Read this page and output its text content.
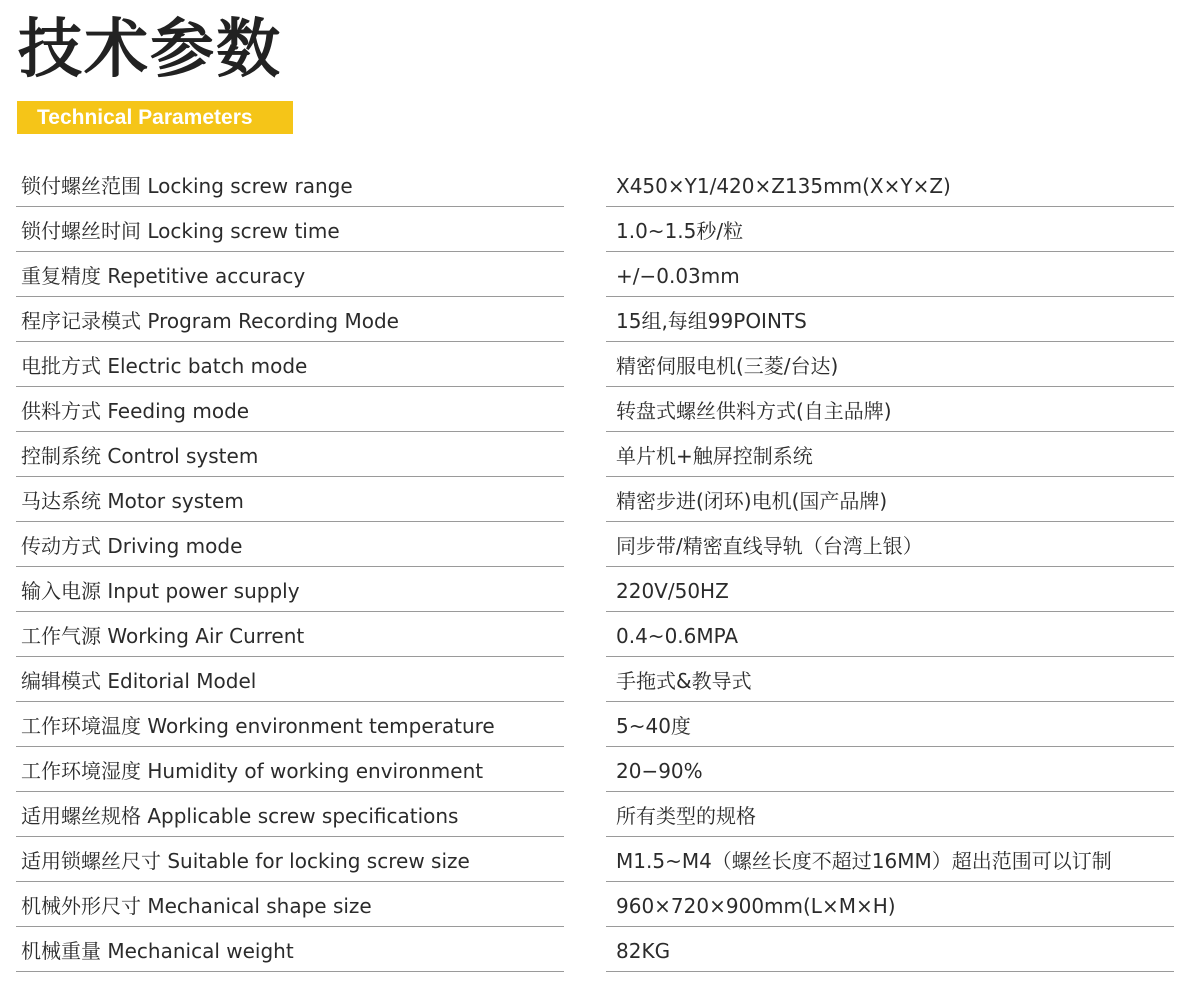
技术参数
Technical Parameters
锁付螺丝范围 Locking screw range	X450×Y1/420×Z135mm(X×Y×Z)
锁付螺丝时间 Locking screw time	1.0~1.5秒/粒
重复精度 Repetitive accuracy	+/−0.03mm
程序记录模式 Program Recording Mode	15组,每组99POINTS
电批方式 Electric batch mode	精密伺服电机(三菱/台达)
供料方式 Feeding mode	转盘式螺丝供料方式(自主品牌)
控制系统 Control system	单片机+触屏控制系统
马达系统 Motor system	精密步进(闭环)电机(国产品牌)
传动方式 Driving mode	同步带/精密直线导轨（台湾上银）
输入电源 Input power supply	220V/50HZ
工作气源 Working Air Current	0.4~0.6MPA
编辑模式 Editorial Model	手拖式&教导式
工作环境温度 Working environment temperature	5~40度
工作环境湿度 Humidity of working environment	20−90%
适用螺丝规格 Applicable screw specifications	所有类型的规格
适用锁螺丝尺寸 Suitable for locking screw size	M1.5~M4（螺丝长度不超过16MM）超出范围可以订制
机械外形尺寸 Mechanical shape size	960×720×900mm(L×M×H)
机械重量 Mechanical weight	82KG
